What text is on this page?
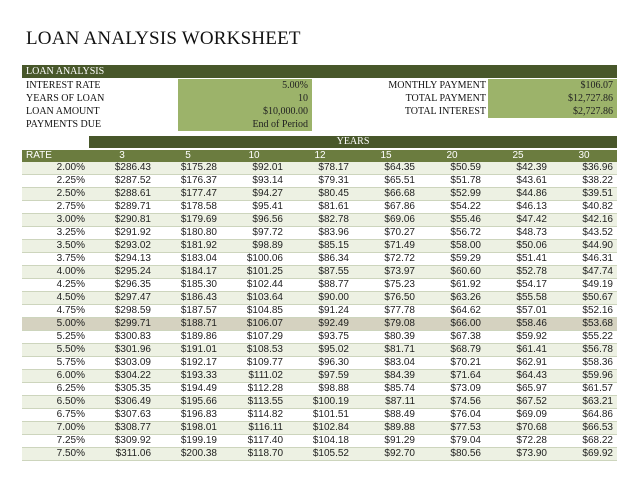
LOAN ANALYSIS WORKSHEET
LOAN ANALYSIS
INTEREST RATE	5.00%	MONTHLY PAYMENT	$106.07
YEARS OF LOAN	10	TOTAL PAYMENT	$12,727.86
LOAN AMOUNT	$10,000.00	TOTAL INTEREST	$2,727.86
PAYMENTS DUE	End of Period
YEARS
RATE	3	5	10	12	15	20	25	30
2.00%	$286.43	$175.28	$92.01	$78.17	$64.35	$50.59	$42.39	$36.96
2.25%	$287.52	$176.37	$93.14	$79.31	$65.51	$51.78	$43.61	$38.22
2.50%	$288.61	$177.47	$94.27	$80.45	$66.68	$52.99	$44.86	$39.51
2.75%	$289.71	$178.58	$95.41	$81.61	$67.86	$54.22	$46.13	$40.82
3.00%	$290.81	$179.69	$96.56	$82.78	$69.06	$55.46	$47.42	$42.16
3.25%	$291.92	$180.80	$97.72	$83.96	$70.27	$56.72	$48.73	$43.52
3.50%	$293.02	$181.92	$98.89	$85.15	$71.49	$58.00	$50.06	$44.90
3.75%	$294.13	$183.04	$100.06	$86.34	$72.72	$59.29	$51.41	$46.31
4.00%	$295.24	$184.17	$101.25	$87.55	$73.97	$60.60	$52.78	$47.74
4.25%	$296.35	$185.30	$102.44	$88.77	$75.23	$61.92	$54.17	$49.19
4.50%	$297.47	$186.43	$103.64	$90.00	$76.50	$63.26	$55.58	$50.67
4.75%	$298.59	$187.57	$104.85	$91.24	$77.78	$64.62	$57.01	$52.16
5.00%	$299.71	$188.71	$106.07	$92.49	$79.08	$66.00	$58.46	$53.68
5.25%	$300.83	$189.86	$107.29	$93.75	$80.39	$67.38	$59.92	$55.22
5.50%	$301.96	$191.01	$108.53	$95.02	$81.71	$68.79	$61.41	$56.78
5.75%	$303.09	$192.17	$109.77	$96.30	$83.04	$70.21	$62.91	$58.36
6.00%	$304.22	$193.33	$111.02	$97.59	$84.39	$71.64	$64.43	$59.96
6.25%	$305.35	$194.49	$112.28	$98.88	$85.74	$73.09	$65.97	$61.57
6.50%	$306.49	$195.66	$113.55	$100.19	$87.11	$74.56	$67.52	$63.21
6.75%	$307.63	$196.83	$114.82	$101.51	$88.49	$76.04	$69.09	$64.86
7.00%	$308.77	$198.01	$116.11	$102.84	$89.88	$77.53	$70.68	$66.53
7.25%	$309.92	$199.19	$117.40	$104.18	$91.29	$79.04	$72.28	$68.22
7.50%	$311.06	$200.38	$118.70	$105.52	$92.70	$80.56	$73.90	$69.92
